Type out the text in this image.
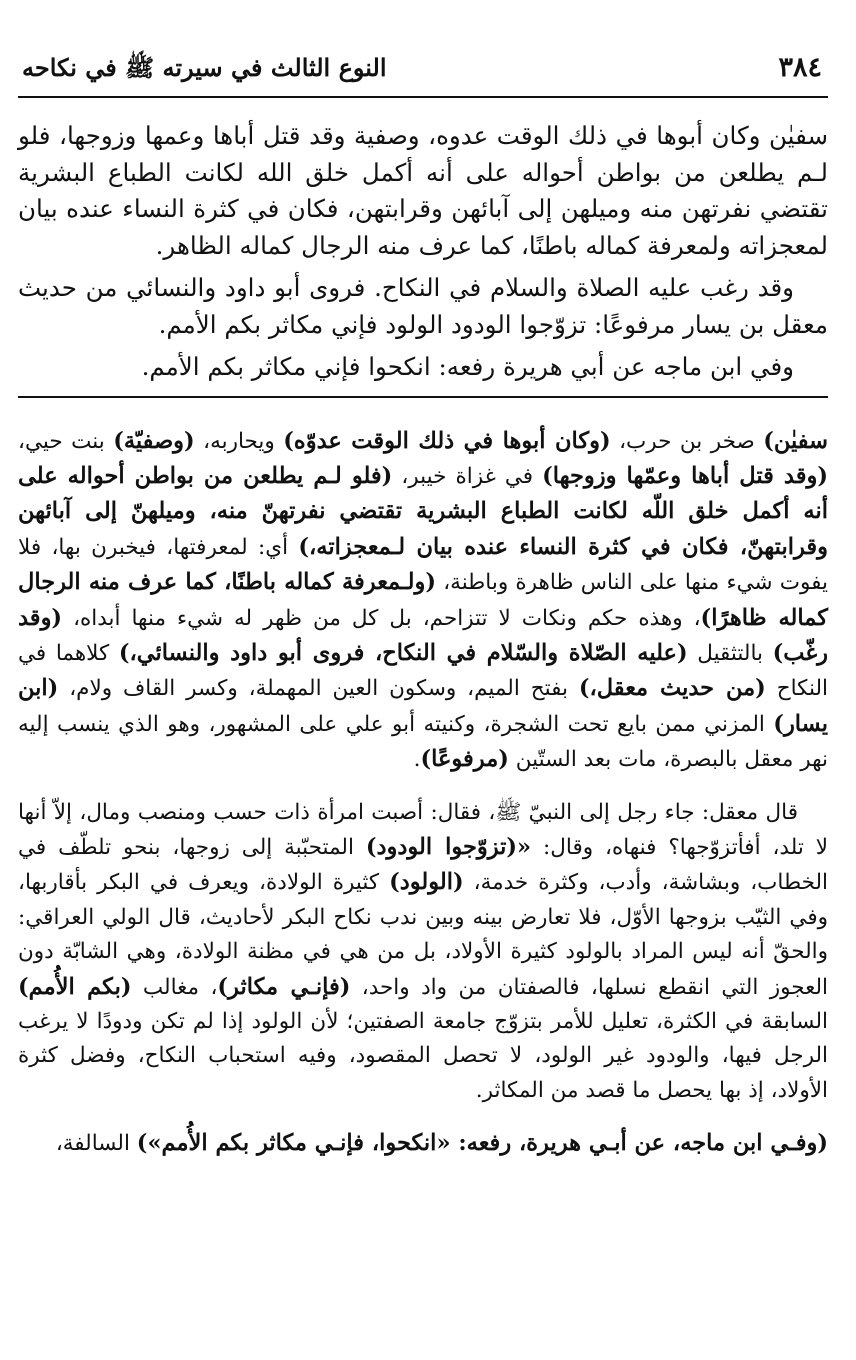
٣٨٤
النوع الثالث في سيرته ﷺ في نكاحه

سفيٰن وكان أبوها في ذلك الوقت عدوه، وصفية وقد قتل أباها وعمها وزوجها، فلو لـم يطلعن من بواطن أحواله على أنه أكمل خلق الله لكانت الطباع البشرية تقتضي نفرتهن منه وميلهن إلى آبائهن وقرابتهن، فكان في كثرة النساء عنده بيان لمعجزاته ولمعرفة كماله باطنًا، كما عرف منه الرجال كماله الظاهر.

وقد رغب عليه الصلاة والسلام في النكاح. فروى أبو داود والنسائي من حديث معقل بن يسار مرفوعًا: تزوّجوا الودود الولود فإني مكاثر بكم الأمم.

وفي ابن ماجه عن أبي هريرة رفعه: انكحوا فإني مكاثر بكم الأمم.

سفيٰن) صخر بن حرب، (وكان أبوها في ذلك الوقت عدوّه) ويحاربه، (وصفيّة) بنت حيي، (وقد قتل أباها وعمّها وزوجها) في غزاة خيبر، (فلو لـم يطلعن من بواطن أحواله على أنه أكمل خلق اللّه لكانت الطباع البشرية تقتضي نفرتهنّ منه، وميلهنّ إلى آبائهن وقرابتهنّ، فكان في كثرة النساء عنده بيان لـمعجزاته،) أي: لمعرفتها، فيخبرن بها، فلا يفوت شيء منها على الناس ظاهرة وباطنة، (ولـمعرفة كماله باطنًا، كما عرف منه الرجال كماله ظاهرًا)، وهذه حكم ونكات لا تتزاحم، بل كل من ظهر له شيء منها أبداه، (وقد رغّب) بالتثقيل (عليه الصّلاة والسّلام في النكاح، فروى أبو داود والنسائي،) كلاهما في النكاح (من حديث معقل،) بفتح الميم، وسكون العين المهملة، وكسر القاف ولام، (ابن يسار) المزني ممن بايع تحت الشجرة، وكنيته أبو علي على المشهور، وهو الذي ينسب إليه نهر معقل بالبصرة، مات بعد الستّين (مرفوعًا).

قال معقل: جاء رجل إلى النبيّ ﷺ، فقال: أصبت امرأة ذات حسب ومنصب ومال، إلاّ أنها لا تلد، أفأتزوّجها؟ فنهاه، وقال: «(تزوّجوا الودود) المتحبّبة إلى زوجها، بنحو تلطّف في الخطاب، وبشاشة، وأدب، وكثرة خدمة، (الولود) كثيرة الولادة، ويعرف في البكر بأقاربها، وفي الثيّب بزوجها الأوّل، فلا تعارض بينه وبين ندب نكاح البكر لأحاديث، قال الولي العراقي: والحقّ أنه ليس المراد بالولود كثيرة الأولاد، بل من هي في مظنة الولادة، وهي الشابّة دون العجوز التي انقطع نسلها، فالصفتان من واد واحد، (فإنـي مكاثر)، مغالب (بكم الأُمم) السابقة في الكثرة، تعليل للأمر بتزوّج جامعة الصفتين؛ لأن الولود إذا لم تكن ودودًا لا يرغب الرجل فيها، والودود غير الولود، لا تحصل المقصود، وفيه استحباب النكاح، وفضل كثرة الأولاد، إذ بها يحصل ما قصد من المكاثر.

(وفـي ابن ماجه، عن أبـي هريرة، رفعه: «انكحوا، فإنـي مكاثر بكم الأُمم») السالفة،
